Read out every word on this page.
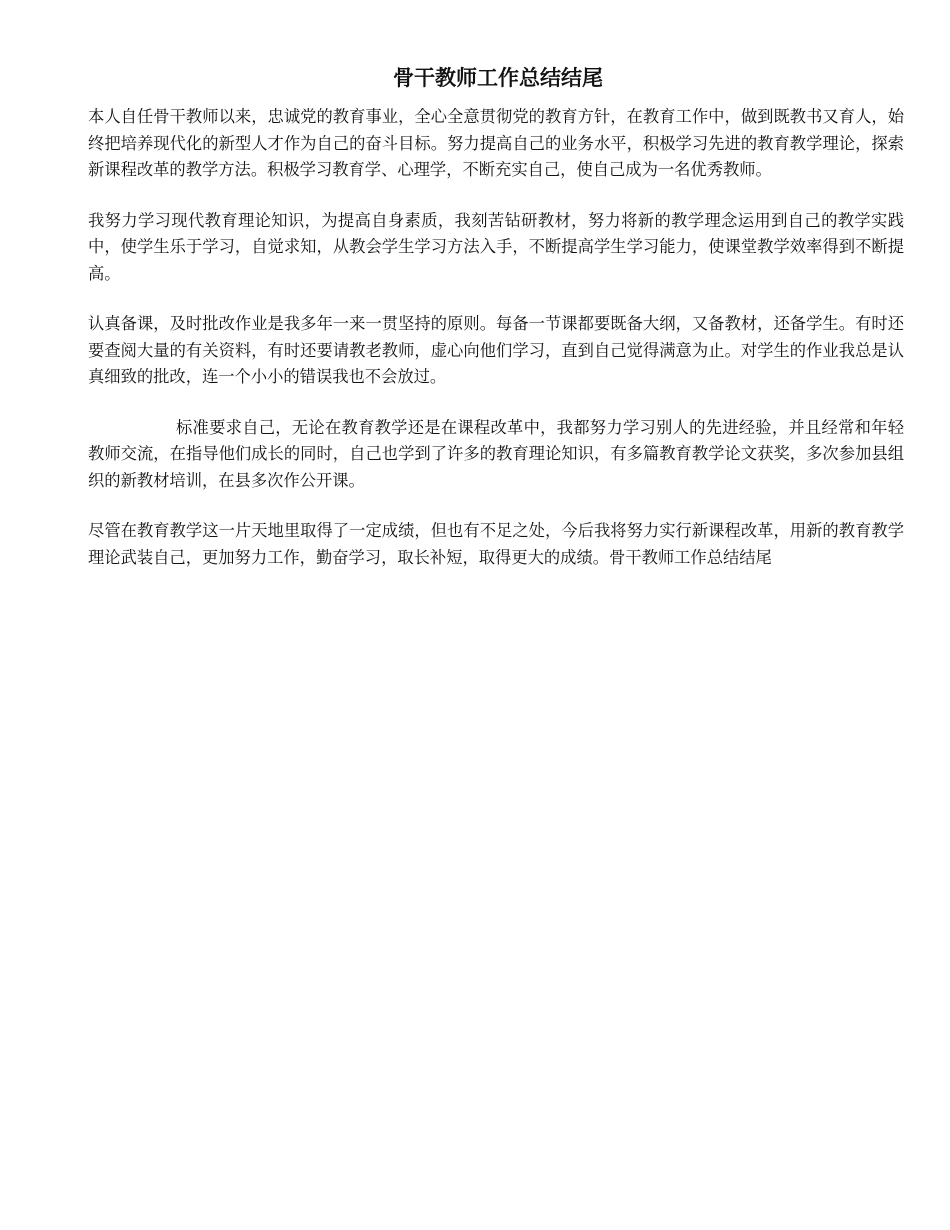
骨干教师工作总结结尾

本人自任骨干教师以来，忠诚党的教育事业，全心全意贯彻党的教育方针，在教育工作中，做到既教书又育人，始终把培养现代化的新型人才作为自己的奋斗目标。努力提高自己的业务水平，积极学习先进的教育教学理论，探索新课程改革的教学方法。积极学习教育学、心理学，不断充实自己，使自己成为一名优秀教师。

我努力学习现代教育理论知识，为提高自身素质，我刻苦钻研教材，努力将新的教学理念运用到自己的教学实践中，使学生乐于学习，自觉求知，从教会学生学习方法入手，不断提高学生学习能力，使课堂教学效率得到不断提高。

认真备课，及时批改作业是我多年一来一贯坚持的原则。每备一节课都要既备大纲，又备教材，还备学生。有时还要查阅大量的有关资料，有时还要请教老教师，虚心向他们学习，直到自己觉得满意为止。对学生的作业我总是认真细致的批改，连一个小小的错误我也不会放过。

标准要求自己，无论在教育教学还是在课程改革中，我都努力学习别人的先进经验，并且经常和年轻教师交流，在指导他们成长的同时，自己也学到了许多的教育理论知识，有多篇教育教学论文获奖，多次参加县组织的新教材培训，在县多次作公开课。

尽管在教育教学这一片天地里取得了一定成绩，但也有不足之处，今后我将努力实行新课程改革，用新的教育教学理论武装自己，更加努力工作，勤奋学习，取长补短，取得更大的成绩。骨干教师工作总结结尾
